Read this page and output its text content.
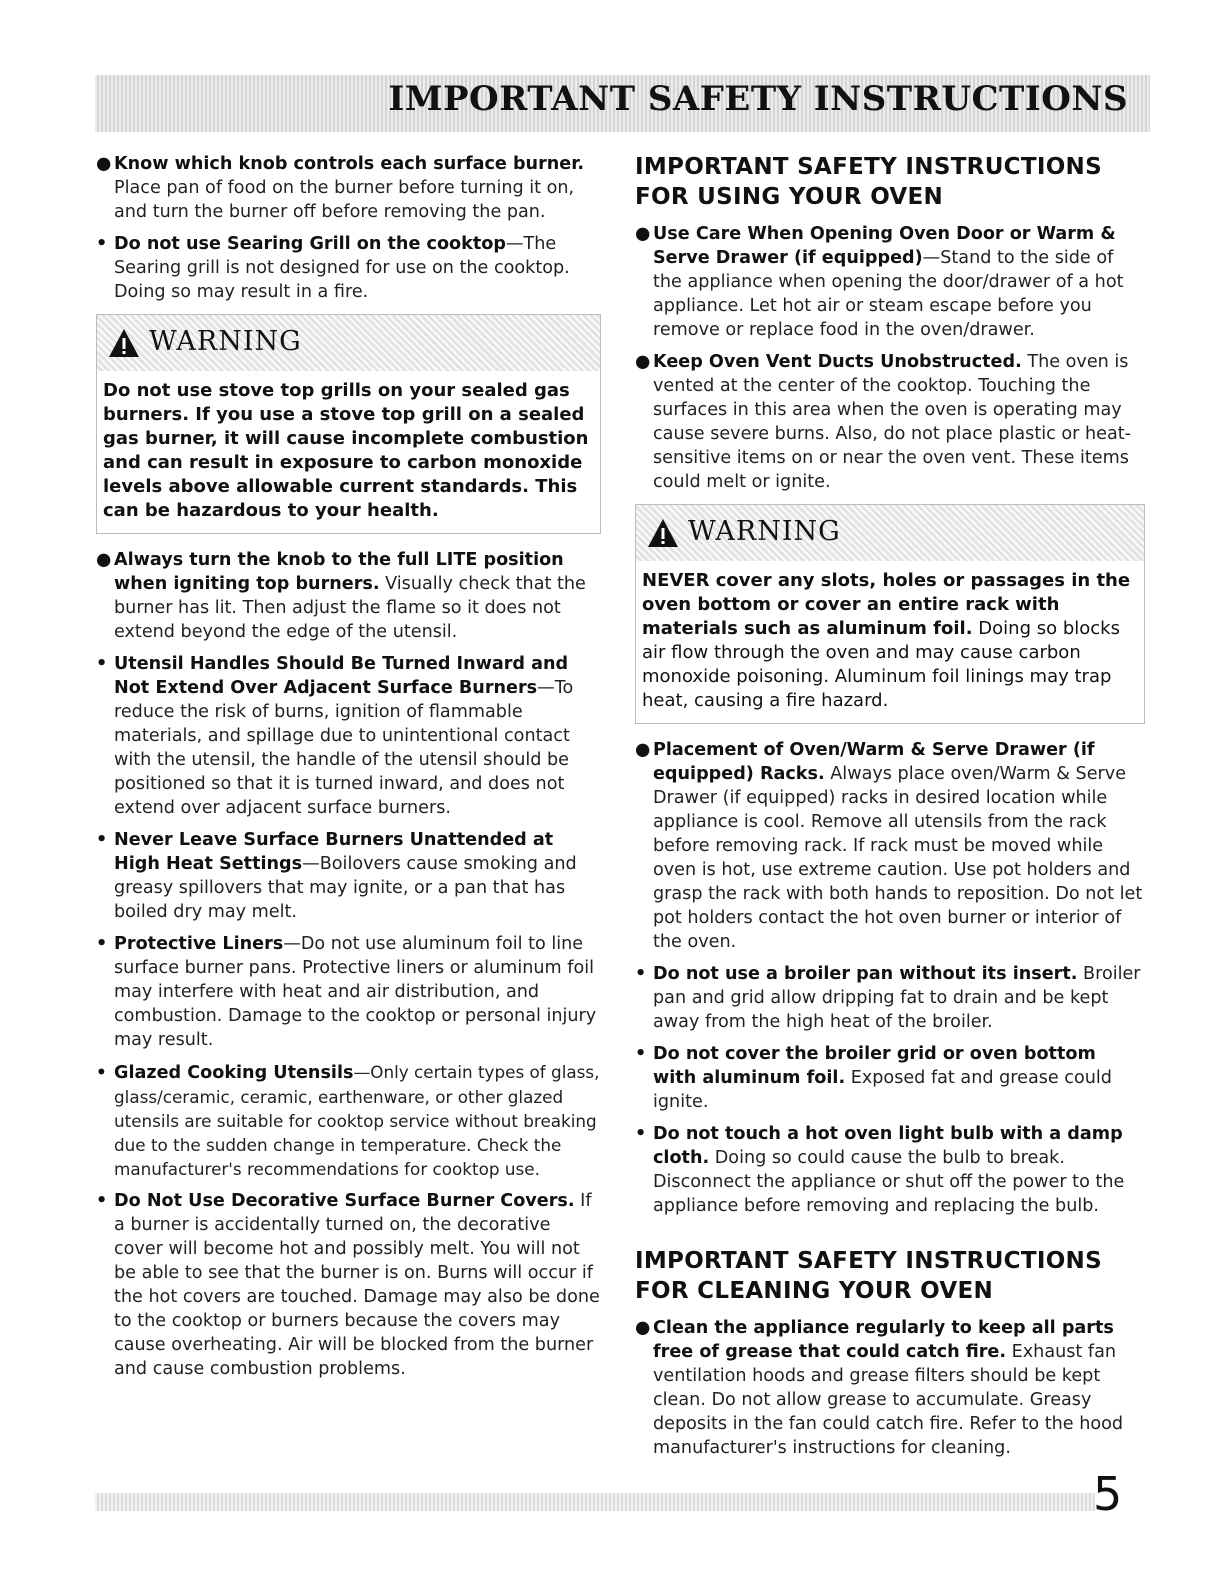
IMPORTANT SAFETY INSTRUCTIONS
● Know which knob controls each surface burner. Place pan of food on the burner before turning it on, and turn the burner off before removing the pan.
• Do not use Searing Grill on the cooktop—The Searing grill is not designed for use on the cooktop. Doing so may result in a fire.
WARNING
Do not use stove top grills on your sealed gas burners. If you use a stove top grill on a sealed gas burner, it will cause incomplete combustion and can result in exposure to carbon monoxide levels above allowable current standards. This can be hazardous to your health.
● Always turn the knob to the full LITE position when igniting top burners. Visually check that the burner has lit. Then adjust the flame so it does not extend beyond the edge of the utensil.
• Utensil Handles Should Be Turned Inward and Not Extend Over Adjacent Surface Burners—To reduce the risk of burns, ignition of flammable materials, and spillage due to unintentional contact with the utensil, the handle of the utensil should be positioned so that it is turned inward, and does not extend over adjacent surface burners.
• Never Leave Surface Burners Unattended at High Heat Settings—Boilovers cause smoking and greasy spillovers that may ignite, or a pan that has boiled dry may melt.
• Protective Liners—Do not use aluminum foil to line surface burner pans. Protective liners or aluminum foil may interfere with heat and air distribution, and combustion. Damage to the cooktop or personal injury may result.
• Glazed Cooking Utensils—Only certain types of glass, glass/ceramic, ceramic, earthenware, or other glazed utensils are suitable for cooktop service without breaking due to the sudden change in temperature. Check the manufacturer's recommendations for cooktop use.
• Do Not Use Decorative Surface Burner Covers. If a burner is accidentally turned on, the decorative cover will become hot and possibly melt. You will not be able to see that the burner is on. Burns will occur if the hot covers are touched. Damage may also be done to the cooktop or burners because the covers may cause overheating. Air will be blocked from the burner and cause combustion problems.
IMPORTANT SAFETY INSTRUCTIONS FOR USING YOUR OVEN
● Use Care When Opening Oven Door or Warm & Serve Drawer (if equipped)—Stand to the side of the appliance when opening the door/drawer of a hot appliance. Let hot air or steam escape before you remove or replace food in the oven/drawer.
● Keep Oven Vent Ducts Unobstructed. The oven is vented at the center of the cooktop. Touching the surfaces in this area when the oven is operating may cause severe burns. Also, do not place plastic or heat-sensitive items on or near the oven vent. These items could melt or ignite.
WARNING
NEVER cover any slots, holes or passages in the oven bottom or cover an entire rack with materials such as aluminum foil. Doing so blocks air flow through the oven and may cause carbon monoxide poisoning. Aluminum foil linings may trap heat, causing a fire hazard.
● Placement of Oven/Warm & Serve Drawer (if equipped) Racks. Always place oven/Warm & Serve Drawer (if equipped) racks in desired location while appliance is cool. Remove all utensils from the rack before removing rack. If rack must be moved while oven is hot, use extreme caution. Use pot holders and grasp the rack with both hands to reposition. Do not let pot holders contact the hot oven burner or interior of the oven.
• Do not use a broiler pan without its insert. Broiler pan and grid allow dripping fat to drain and be kept away from the high heat of the broiler.
• Do not cover the broiler grid or oven bottom with aluminum foil. Exposed fat and grease could ignite.
• Do not touch a hot oven light bulb with a damp cloth. Doing so could cause the bulb to break. Disconnect the appliance or shut off the power to the appliance before removing and replacing the bulb.
IMPORTANT SAFETY INSTRUCTIONS FOR CLEANING YOUR OVEN
● Clean the appliance regularly to keep all parts free of grease that could catch fire. Exhaust fan ventilation hoods and grease filters should be kept clean. Do not allow grease to accumulate. Greasy deposits in the fan could catch fire. Refer to the hood manufacturer's instructions for cleaning.
5
